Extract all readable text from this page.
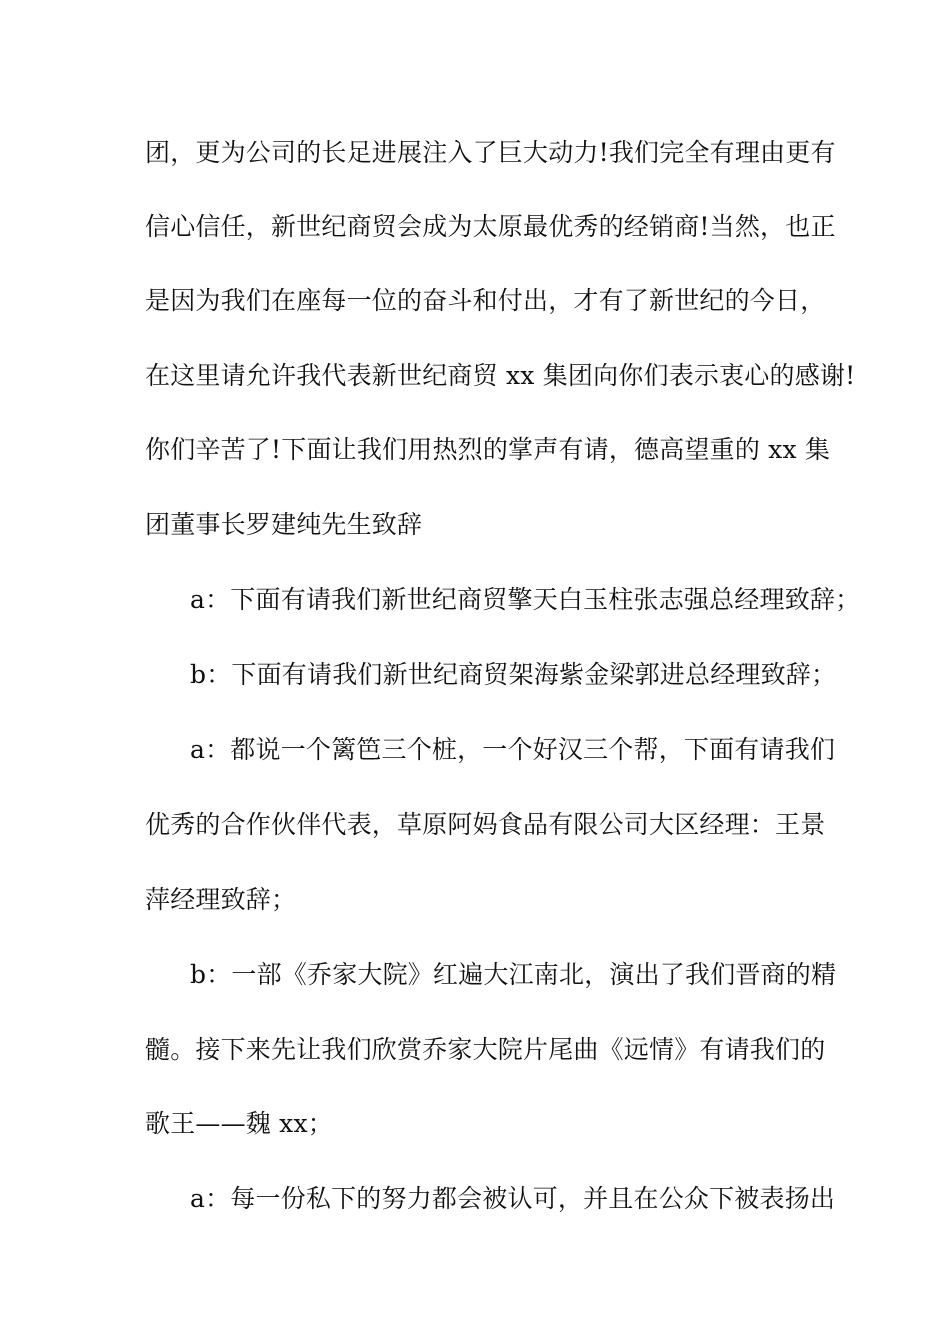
团，更为公司的长足进展注入了巨大动力!我们完全有理由更有
信心信任，新世纪商贸会成为太原最优秀的经销商!当然，也正
是因为我们在座每一位的奋斗和付出，才有了新世纪的今日，
在这里请允许我代表新世纪商贸 xx 集团向你们表示衷心的感谢!
你们辛苦了!下面让我们用热烈的掌声有请，德高望重的 xx 集
团董事长罗建纯先生致辞
a：下面有请我们新世纪商贸擎天白玉柱张志强总经理致辞；
b：下面有请我们新世纪商贸架海紫金梁郭进总经理致辞；
a：都说一个篱笆三个桩，一个好汉三个帮，下面有请我们
优秀的合作伙伴代表，草原阿妈食品有限公司大区经理：王景
萍经理致辞；
b：一部《乔家大院》红遍大江南北，演出了我们晋商的精
髓。接下来先让我们欣赏乔家大院片尾曲《远情》有请我们的
歌王——魏 xx；
a：每一份私下的努力都会被认可，并且在公众下被表扬出
